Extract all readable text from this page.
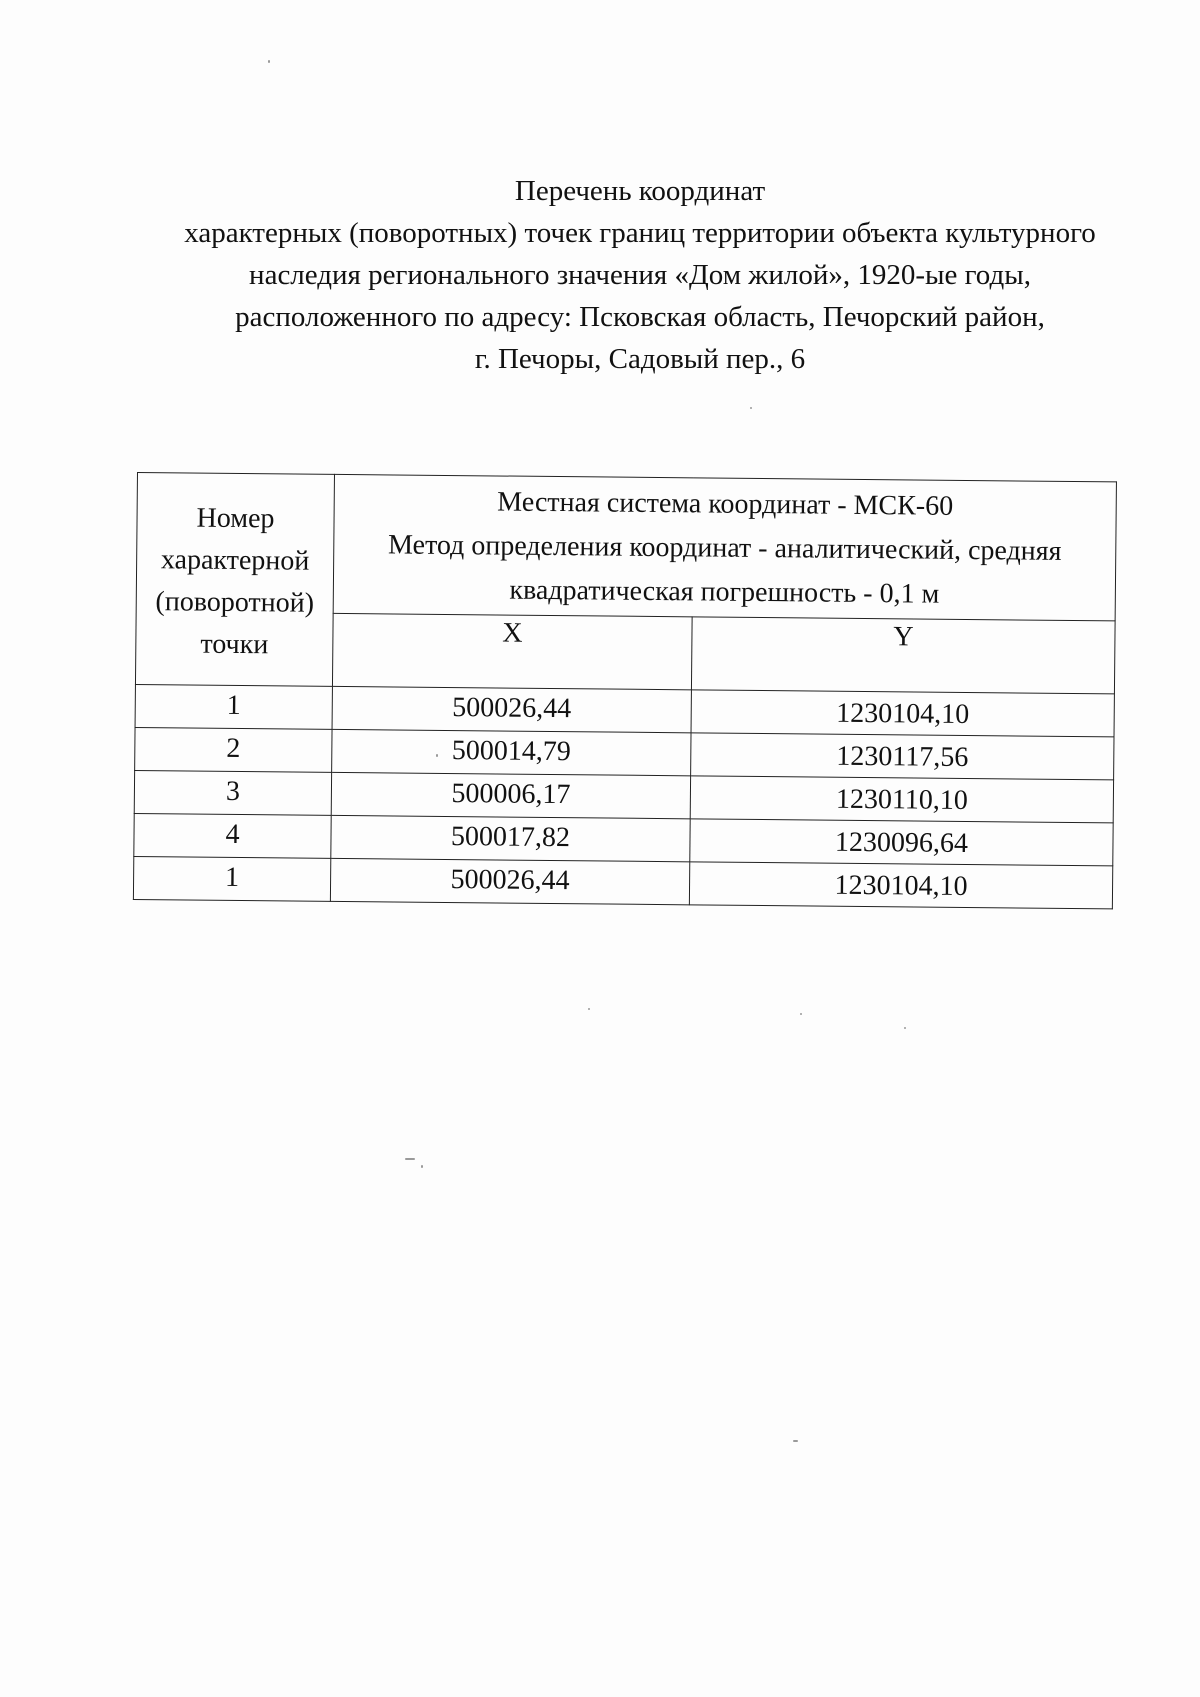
Перечень координат
характерных (поворотных) точек границ территории объекта культурного
наследия регионального значения «Дом жилой», 1920-ые годы,
расположенного по адресу: Псковская область, Печорский район,
г. Печоры, Садовый пер., 6
Номер
характерной
(поворотной)
точки	Местная система координат - МСК-60
Метод определения координат - аналитический, средняя
квадратическая погрешность - 0,1 м	

	X	Y
1	500026,44	1230104,10
2	500014,79	1230117,56
3	500006,17	1230110,10
4	500017,82	1230096,64
1	500026,44	1230104,10
